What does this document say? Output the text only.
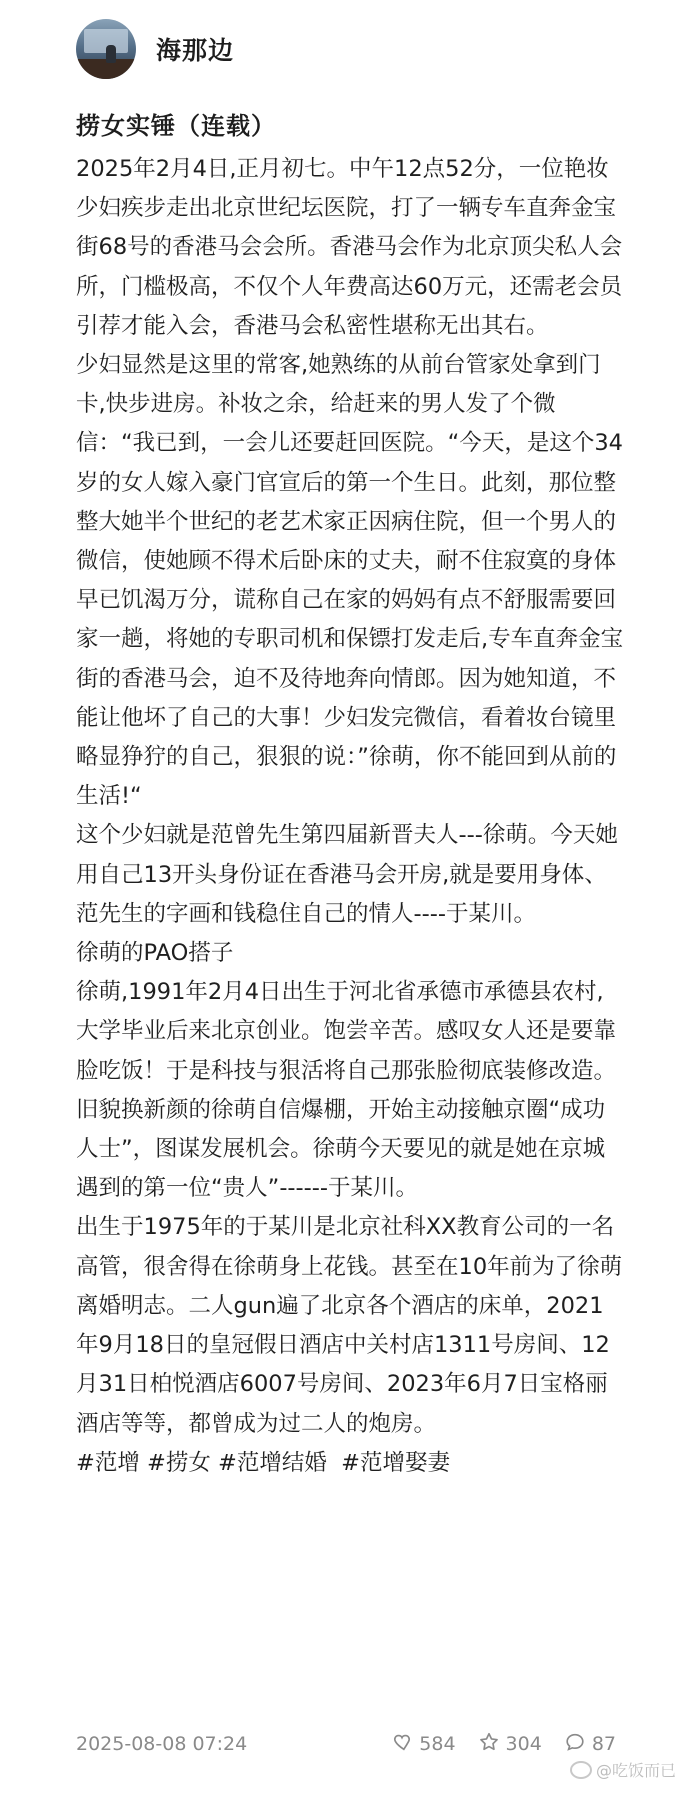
海那边
捞女实锤（连载）

2025年2月4日,正月初七。中午12点52分，一位艳妆少妇疾步走出北京世纪坛医院，打了一辆专车直奔金宝街68号的香港马会会所。香港马会作为北京顶尖私人会所，门槛极高，不仅个人年费高达60万元，还需老会员引荐才能入会，香港马会私密性堪称无出其右。

少妇显然是这里的常客,她熟练的从前台管家处拿到门卡,快步进房。补妆之余，给赶来的男人发了个微信：“我已到，一会儿还要赶回医院。“今天，是这个34岁的女人嫁入豪门官宣后的第一个生日。此刻，那位整整大她半个世纪的老艺术家正因病住院，但一个男人的微信，使她顾不得术后卧床的丈夫，耐不住寂寞的身体早已饥渴万分，谎称自己在家的妈妈有点不舒服需要回家一趟，将她的专职司机和保镖打发走后,专车直奔金宝街的香港马会，迫不及待地奔向情郎。因为她知道，不能让他坏了自己的大事！少妇发完微信，看着妆台镜里略显狰狞的自己，狠狠的说：”徐萌，你不能回到从前的生活!“

这个少妇就是范曾先生第四届新晋夫人---徐萌。今天她用自己13开头身份证在香港马会开房,就是要用身体、范先生的字画和钱稳住自己的情人----于某川。

徐萌的PAO搭子

徐萌,1991年2月4日出生于河北省承德市承德县农村,大学毕业后来北京创业。饱尝辛苦。感叹女人还是要靠脸吃饭！于是科技与狠活将自己那张脸彻底装修改造。旧貌换新颜的徐萌自信爆棚，开始主动接触京圈“成功人士”，图谋发展机会。徐萌今天要见的就是她在京城遇到的第一位“贵人”------于某川。

出生于1975年的于某川是北京社科XX教育公司的一名高管，很舍得在徐萌身上花钱。甚至在10年前为了徐萌离婚明志。二人gun遍了北京各个酒店的床单，2021年9月18日的皇冠假日酒店中关村店1311号房间、12月31日柏悦酒店6007号房间、2023年6月7日宝格丽酒店等等，都曾成为过二人的炮房。

#范增 #捞女 #范增结婚  #范增娶妻

2025-08-08 07:24	584	304	87
@吃饭而已
